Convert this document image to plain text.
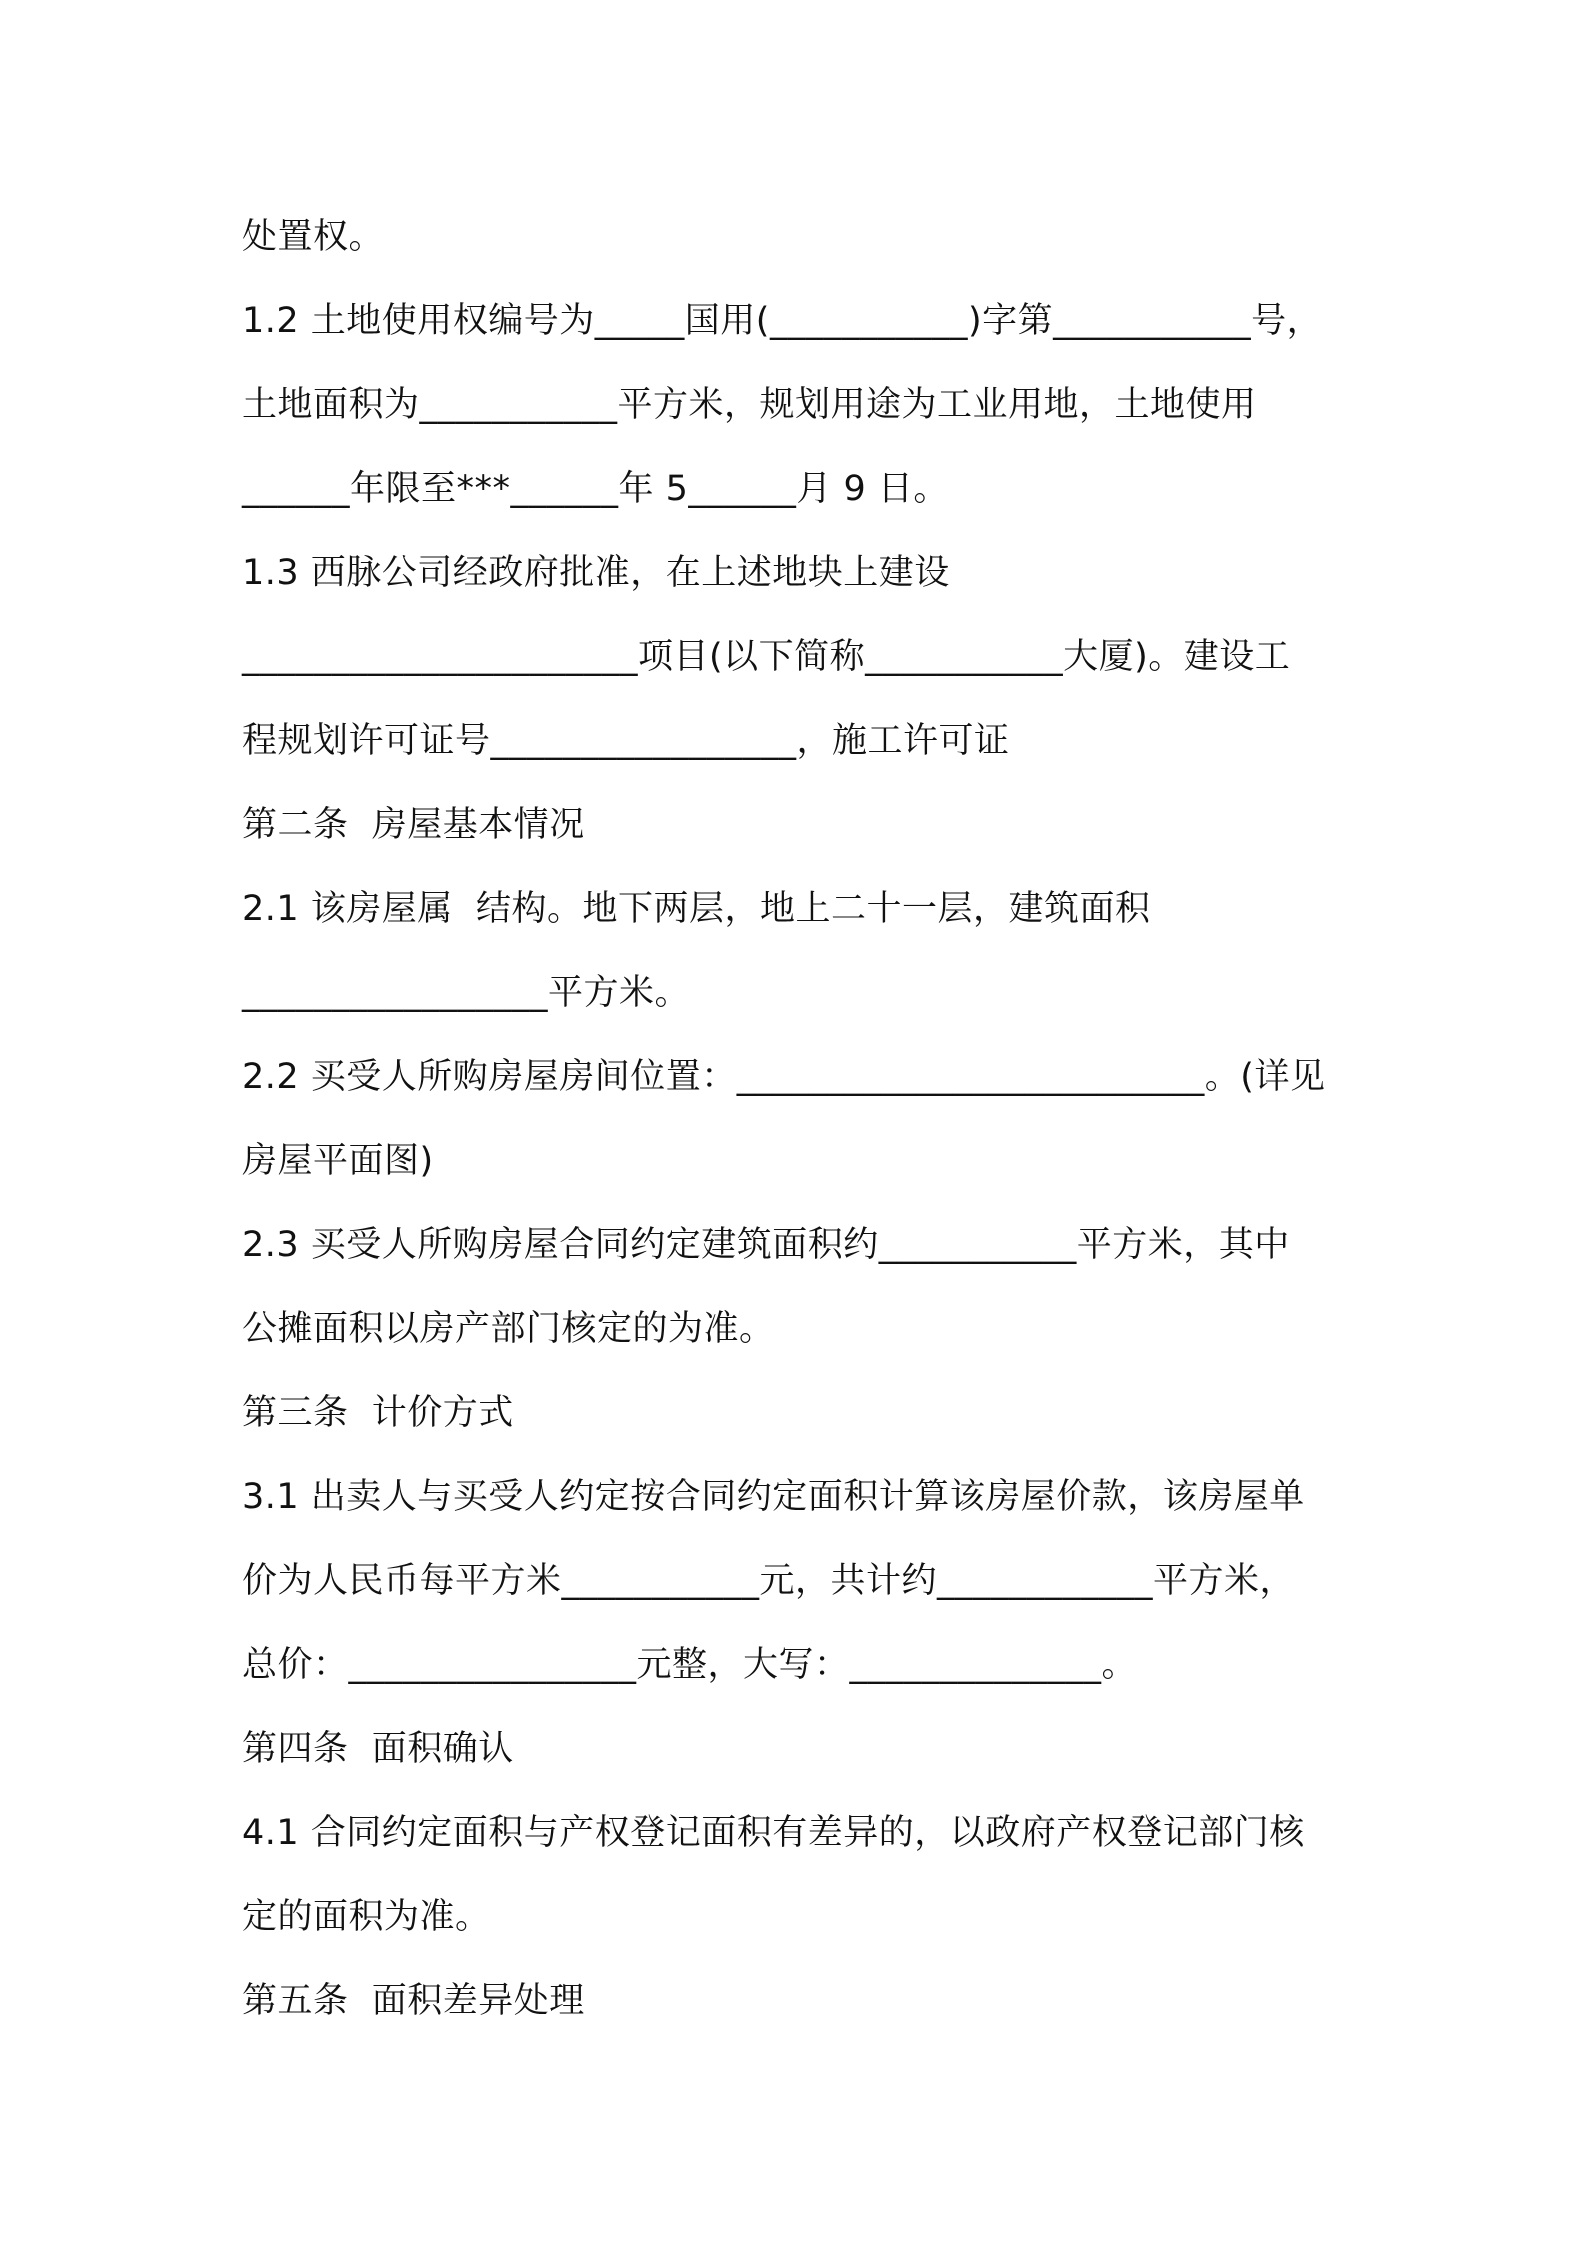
处置权。
1.2 土地使用权编号为_____国用(___________)字第___________号，
土地面积为___________平方米，规划用途为工业用地，土地使用
______年限至***______年 5______月 9 日。
1.3 西脉公司经政府批准，在上述地块上建设
______________________项目(以下简称___________大厦)。建设工
程规划许可证号_________________，施工许可证
第二条  房屋基本情况
2.1 该房屋属  结构。地下两层，地上二十一层，建筑面积
_________________平方米。
2.2 买受人所购房屋房间位置：__________________________。(详见
房屋平面图)
2.3 买受人所购房屋合同约定建筑面积约___________平方米，其中
公摊面积以房产部门核定的为准。
第三条  计价方式
3.1 出卖人与买受人约定按合同约定面积计算该房屋价款，该房屋单
价为人民币每平方米___________元，共计约____________平方米，
总价：________________元整，大写：______________。
第四条  面积确认
4.1 合同约定面积与产权登记面积有差异的，以政府产权登记部门核
定的面积为准。
第五条  面积差异处理
